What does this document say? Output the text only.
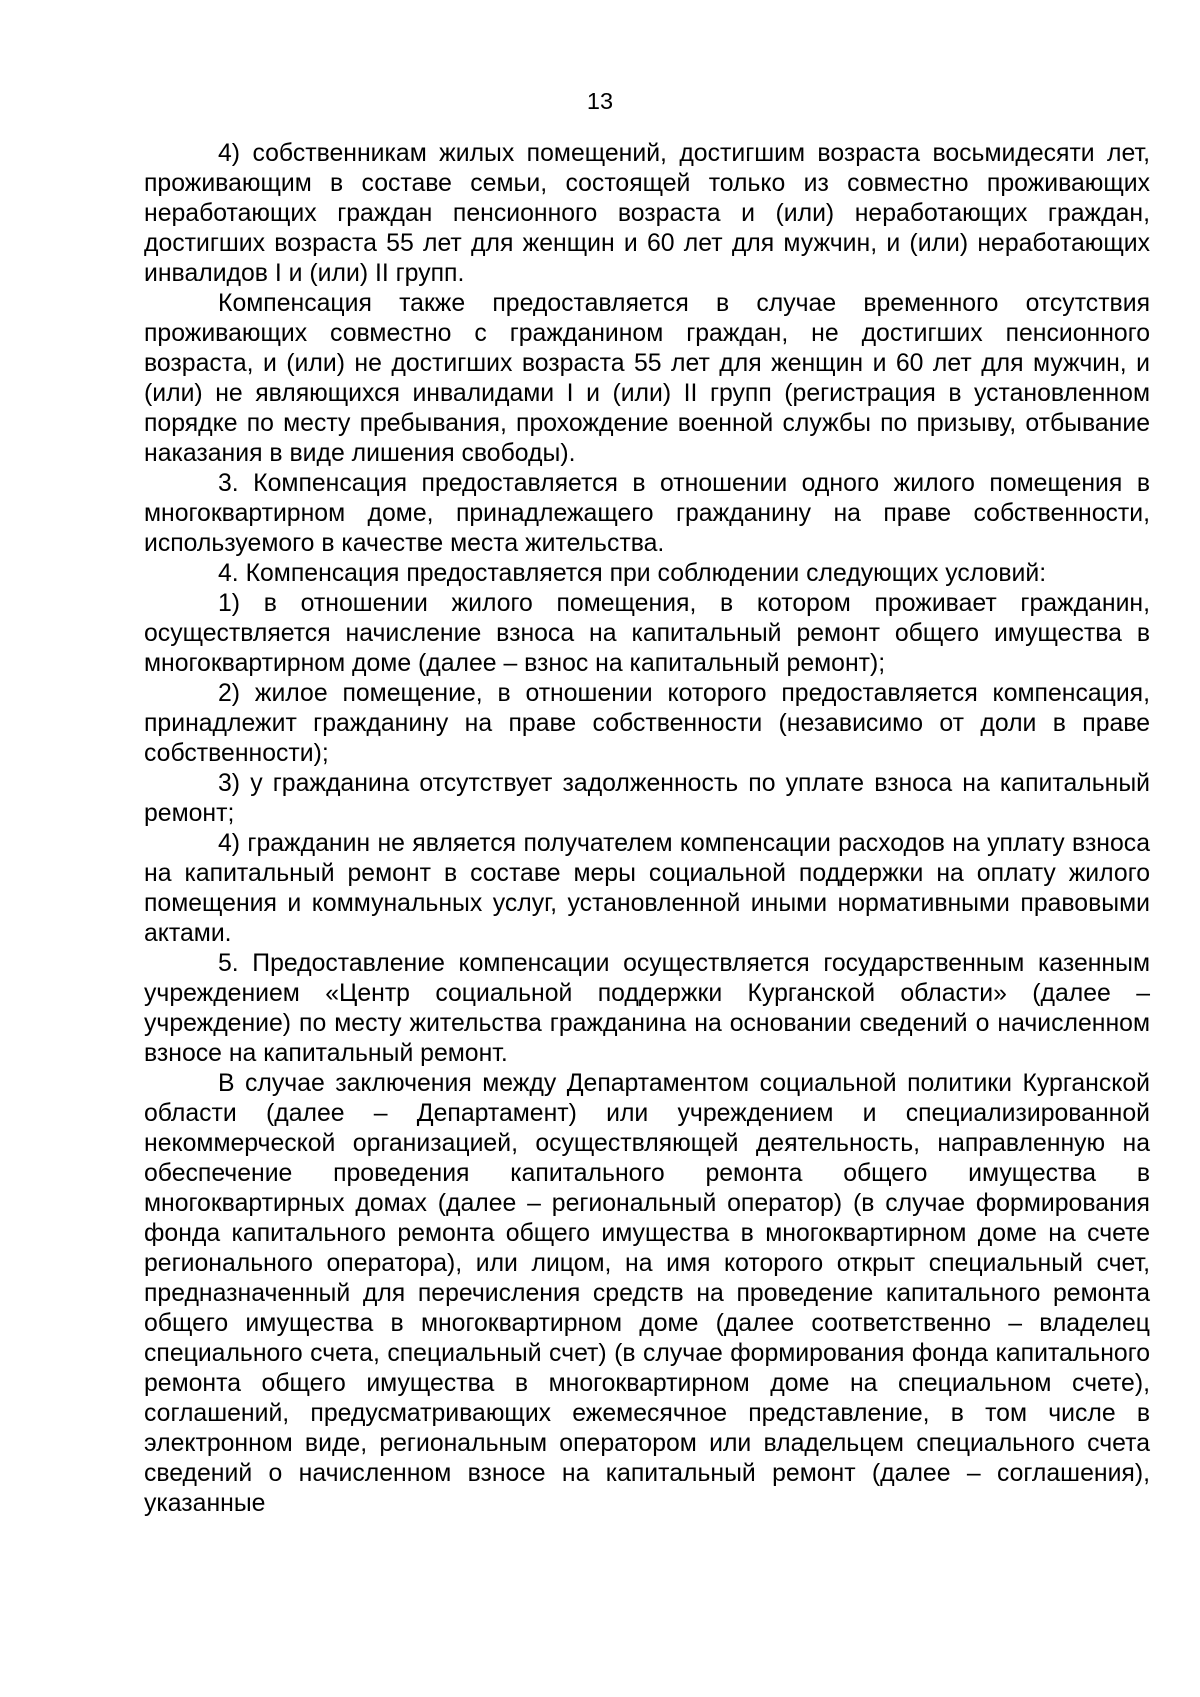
13

4) собственникам жилых помещений, достигшим возраста восьмидесяти лет, проживающим в составе семьи, состоящей только из совместно проживающих неработающих граждан пенсионного возраста и (или) неработающих граждан, достигших возраста 55 лет для женщин и 60 лет для мужчин, и (или) неработающих инвалидов I и (или) II групп.

Компенсация также предоставляется в случае временного отсутствия проживающих совместно с гражданином граждан, не достигших пенсионного возраста, и (или) не достигших возраста 55 лет для женщин и 60 лет для мужчин, и (или) не являющихся инвалидами I и (или) II групп (регистрация в установленном порядке по месту пребывания, прохождение военной службы по призыву, отбывание наказания в виде лишения свободы).

3. Компенсация предоставляется в отношении одного жилого помещения в многоквартирном доме, принадлежащего гражданину на праве собственности, используемого в качестве места жительства.

4. Компенсация предоставляется при соблюдении следующих условий:

1) в отношении жилого помещения, в котором проживает гражданин, осуществляется начисление взноса на капитальный ремонт общего имущества в многоквартирном доме (далее – взнос на капитальный ремонт);

2) жилое помещение, в отношении которого предоставляется компенсация, принадлежит гражданину на праве собственности (независимо от доли в праве собственности);

3) у гражданина отсутствует задолженность по уплате взноса на капитальный ремонт;

4) гражданин не является получателем компенсации расходов на уплату взноса на капитальный ремонт в составе меры социальной поддержки на оплату жилого помещения и коммунальных услуг, установленной иными нормативными правовыми актами.

5. Предоставление компенсации осуществляется государственным казенным учреждением «Центр социальной поддержки Курганской области» (далее – учреждение) по месту жительства гражданина на основании сведений о начисленном взносе на капитальный ремонт.

В случае заключения между Департаментом социальной политики Курганской области (далее – Департамент) или учреждением и специализированной некоммерческой организацией, осуществляющей деятельность, направленную на обеспечение проведения капитального ремонта общего имущества в многоквартирных домах (далее – региональный оператор) (в случае формирования фонда капитального ремонта общего имущества в многоквартирном доме на счете регионального оператора), или лицом, на имя которого открыт специальный счет, предназначенный для перечисления средств на проведение капитального ремонта общего имущества в многоквартирном доме (далее соответственно – владелец специального счета, специальный счет) (в случае формирования фонда капитального ремонта общего имущества в многоквартирном доме на специальном счете), соглашений, предусматривающих ежемесячное представление, в том числе в электронном виде, региональным оператором или владельцем специального счета сведений о начисленном взносе на капитальный ремонт (далее – соглашения), указанные
